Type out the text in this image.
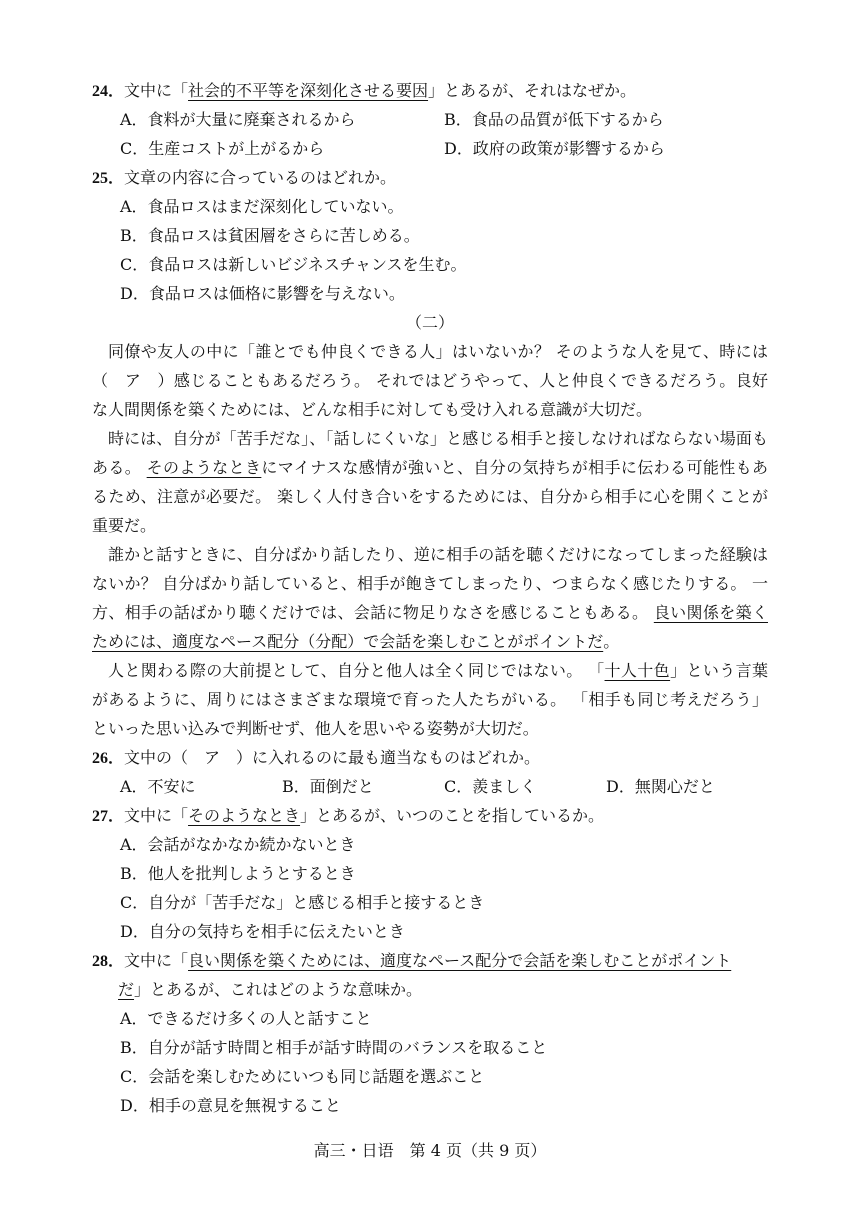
24．文中に「社会的不平等を深刻化させる要因」とあるが、それはなぜか。
A．食料が大量に廃棄されるから	B．食品の品質が低下するから
C．生産コストが上がるから	D．政府の政策が影響するから
25．文章の内容に合っているのはどれか。
A．食品ロスはまだ深刻化していない。
B．食品ロスは貧困層をさらに苦しめる。
C．食品ロスは新しいビジネスチャンスを生む。
D．食品ロスは価格に影響を与えない。
（二）
同僚や友人の中に「誰とでも仲良くできる人」はいないか？ そのような人を見て、時には（　ア　）感じることもあるだろう。 それではどうやって、人と仲良くできるだろう。良好な人間関係を築くためには、どんな相手に対しても受け入れる意識が大切だ。
時には、自分が「苦手だな」、「話しにくいな」と感じる相手と接しなければならない場面もある。 そのようなときにマイナスな感情が強いと、自分の気持ちが相手に伝わる可能性もあるため、注意が必要だ。 楽しく人付き合いをするためには、自分から相手に心を開くことが重要だ。
誰かと話すときに、自分ばかり話したり、逆に相手の話を聴くだけになってしまった経験はないか？ 自分ばかり話していると、相手が飽きてしまったり、つまらなく感じたりする。 一方、相手の話ばかり聴くだけでは、会話に物足りなさを感じることもある。 良い関係を築くためには、適度なペース配分（分配）で会話を楽しむことがポイントだ。
人と関わる際の大前提として、自分と他人は全く同じではない。 「十人十色」という言葉があるように、周りにはさまざまな環境で育った人たちがいる。 「相手も同じ考えだろう」といった思い込みで判断せず、他人を思いやる姿勢が大切だ。
26．文中の（　ア　）に入れるのに最も適当なものはどれか。
A．不安に	B．面倒だと	C．羨ましく	D．無関心だと
27．文中に「そのようなとき」とあるが、いつのことを指しているか。
A．会話がなかなか続かないとき
B．他人を批判しようとするとき
C．自分が「苦手だな」と感じる相手と接するとき
D．自分の気持ちを相手に伝えたいとき
28．文中に「良い関係を築くためには、適度なペース配分で会話を楽しむことがポイント
だ」とあるが、これはどのような意味か。
A．できるだけ多くの人と話すこと
B．自分が話す時間と相手が話す時間のバランスを取ること
C．会話を楽しむためにいつも同じ話題を選ぶこと
D．相手の意見を無視すること
高三・日语　第 4 页（共 9 页）
